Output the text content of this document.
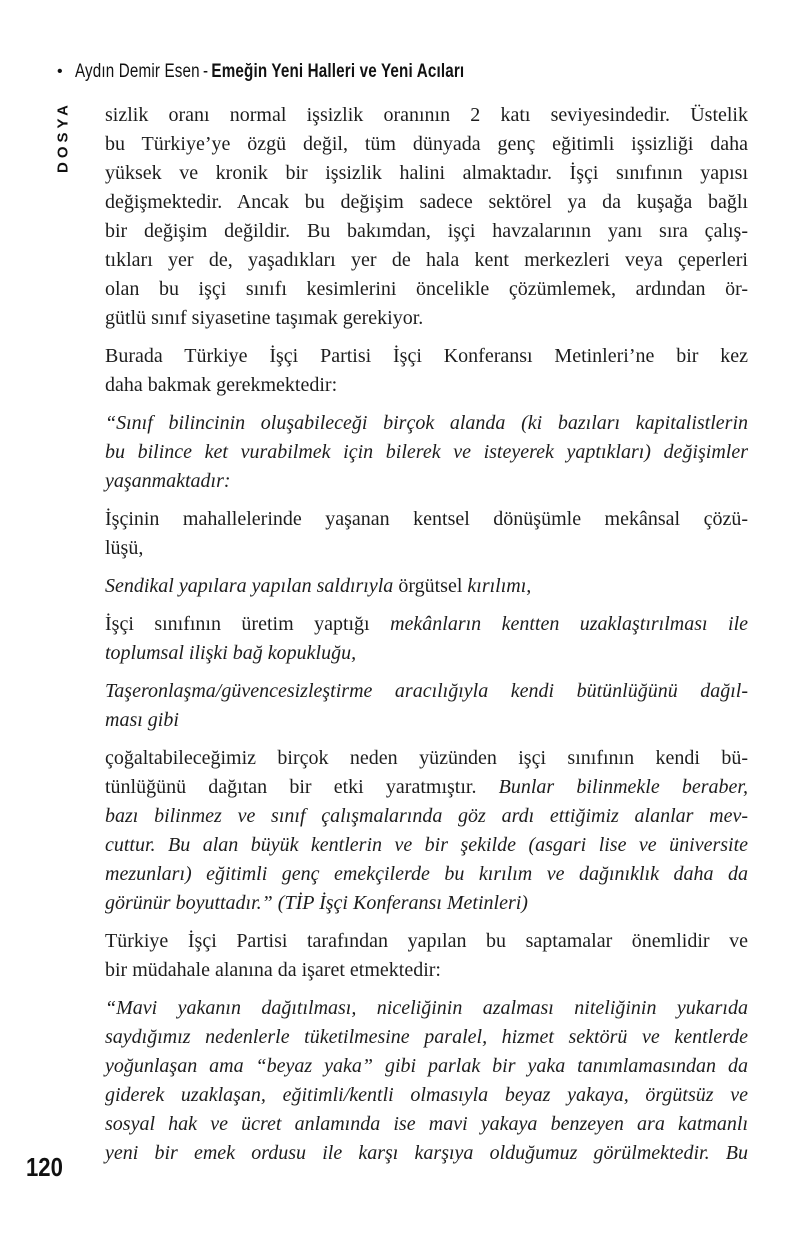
• Aydın Demir Esen - Emeğin Yeni Halleri ve Yeni Acıları
DOSYA sizlik oranı normal işsizlik oranının 2 katı seviyesindedir. Üstelik
bu Türkiye’ye özgü değil, tüm dünyada genç eğitimli işsizliği daha
yüksek ve kronik bir işsizlik halini almaktadır. İşçi sınıfının yapısı
değişmektedir. Ancak bu değişim sadece sektörel ya da kuşağa bağlı
bir değişim değildir. Bu bakımdan, işçi havzalarının yanı sıra çalış-
tıkları yer de, yaşadıkları yer de hala kent merkezleri veya çeperleri
olan bu işçi sınıfı kesimlerini öncelikle çözümlemek, ardından ör-
gütlü sınıf siyasetine taşımak gerekiyor.
Burada Türkiye İşçi Partisi İşçi Konferansı Metinleri’ne bir kez
daha bakmak gerekmektedir:
“Sınıf bilincinin oluşabileceği birçok alanda (ki bazıları kapitalistlerin
bu bilince ket vurabilmek için bilerek ve isteyerek yaptıkları) değişimler
yaşanmaktadır:
İşçinin mahallelerinde yaşanan kentsel dönüşümle mekânsal çözü-
lüşü,
Sendikal yapılara yapılan saldırıyla örgütsel kırılımı,
İşçi sınıfının üretim yaptığı mekânların kentten uzaklaştırılması ile
toplumsal ilişki bağ kopukluğu,
Taşeronlaşma/güvencesizleştirme aracılığıyla kendi bütünlüğünü dağıl-
ması gibi
çoğaltabileceğimiz birçok neden yüzünden işçi sınıfının kendi bü-
tünlüğünü dağıtan bir etki yaratmıştır. Bunlar bilinmekle beraber,
bazı bilinmez ve sınıf çalışmalarında göz ardı ettiğimiz alanlar mev-
cuttur. Bu alan büyük kentlerin ve bir şekilde (asgari lise ve üniversite
mezunları) eğitimli genç emekçilerde bu kırılım ve dağınıklık daha da
görünür boyuttadır.” (TİP İşçi Konferansı Metinleri)
Türkiye İşçi Partisi tarafından yapılan bu saptamalar önemlidir ve
bir müdahale alanına da işaret etmektedir:
“Mavi yakanın dağıtılması, niceliğinin azalması niteliğinin yukarıda
saydığımız nedenlerle tüketilmesine paralel, hizmet sektörü ve kentlerde
yoğunlaşan ama “beyaz yaka” gibi parlak bir yaka tanımlamasından da
giderek uzaklaşan, eğitimli/kentli olmasıyla beyaz yakaya, örgütsüz ve
sosyal hak ve ücret anlamında ise mavi yakaya benzeyen ara katmanlı
yeni bir emek ordusu ile karşı karşıya olduğumuz görülmektedir. Bu
120
